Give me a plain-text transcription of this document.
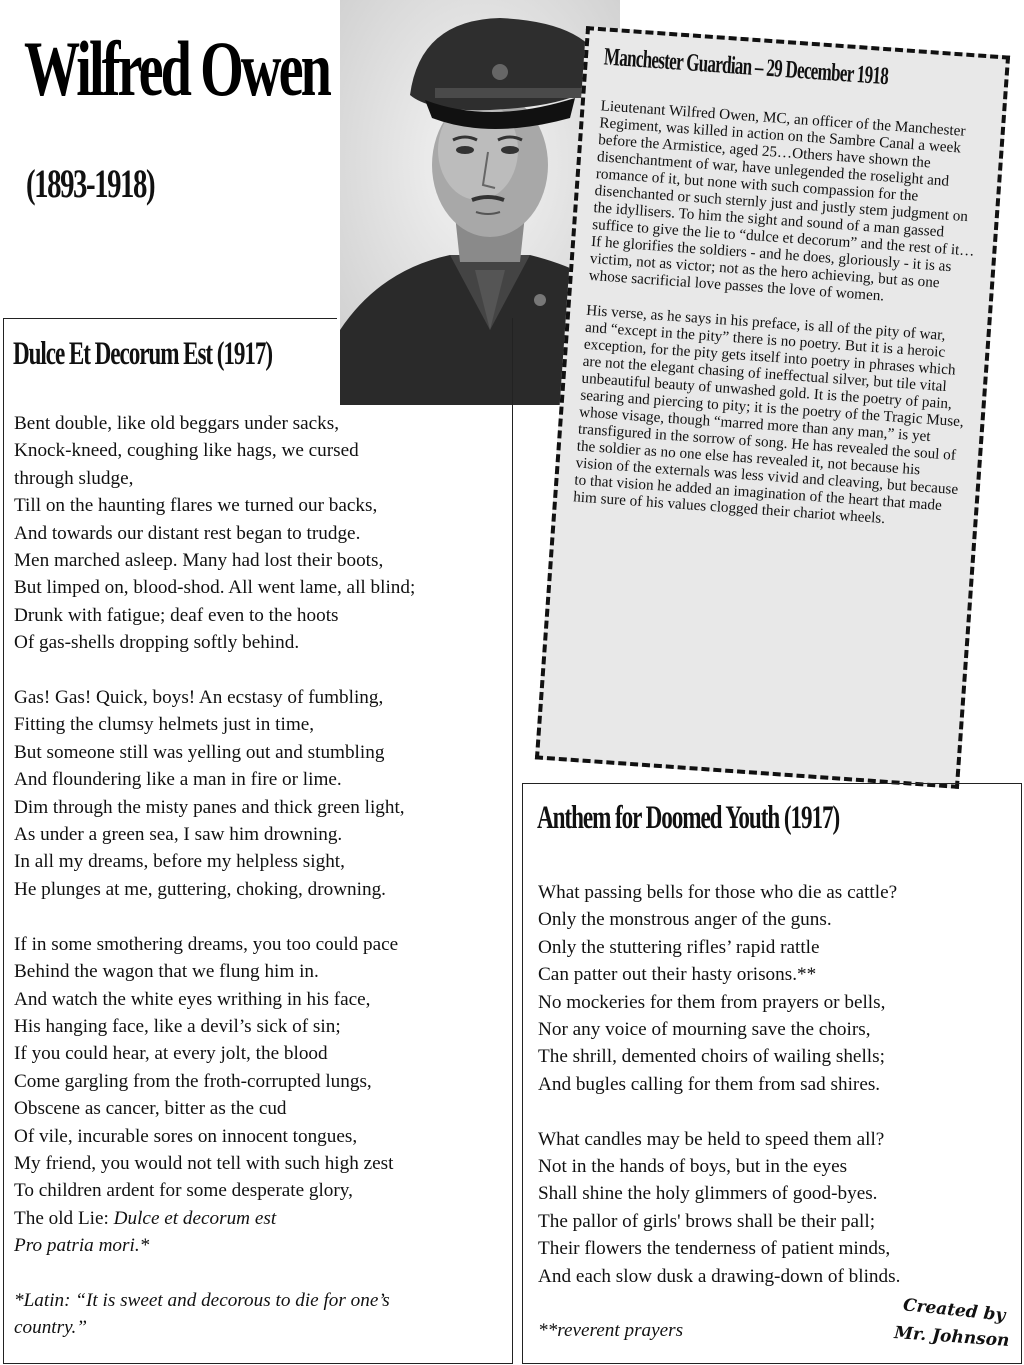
Wilfred Owen
(1893-1918)
Manchester Guardian – 29 December 1918

Lieutenant Wilfred Owen, MC, an officer of the Manchester Regiment, was killed in action on the Sambre Canal a week before the Armistice, aged 25…Others have shown the disenchantment of war, have unlegended the roselight and romance of it, but none with such compassion for the disenchanted or such sternly just and justly stem judgment on the idyllisers. To him the sight and sound of a man gassed suffice to give the lie to “dulce et decorum” and the rest of it… If he glorifies the soldiers - and he does, gloriously - it is as victim, not as victor; not as the hero achieving, but as one whose sacrificial love passes the love of women.

His verse, as he says in his preface, is all of the pity of war, and “except in the pity” there is no poetry. But it is a heroic exception, for the pity gets itself into poetry in phrases which are not the elegant chasing of ineffectual silver, but tile vital unbeautiful beauty of unwashed gold. It is the poetry of pain, searing and piercing to pity; it is the poetry of the Tragic Muse, whose visage, though “marred more than any man,” is yet transfigured in the sorrow of song. He has revealed the soul of the soldier as no one else has revealed it, not because his vision of the externals was less vivid and cleaving, but because to that vision he added an imagination of the heart that made him sure of his values clogged their chariot wheels.

Dulce Et Decorum Est (1917)
Bent double, like old beggars under sacks,
Knock-kneed, coughing like hags, we cursed
through sludge,
Till on the haunting flares we turned our backs,
And towards our distant rest began to trudge.
Men marched asleep. Many had lost their boots,
But limped on, blood-shod. All went lame, all blind;
Drunk with fatigue; deaf even to the hoots
Of gas-shells dropping softly behind.
Gas! Gas! Quick, boys! An ecstasy of fumbling,
Fitting the clumsy helmets just in time,
But someone still was yelling out and stumbling
And floundering like a man in fire or lime.
Dim through the misty panes and thick green light,
As under a green sea, I saw him drowning.
In all my dreams, before my helpless sight,
He plunges at me, guttering, choking, drowning.
If in some smothering dreams, you too could pace
Behind the wagon that we flung him in.
And watch the white eyes writhing in his face,
His hanging face, like a devil’s sick of sin;
If you could hear, at every jolt, the blood
Come gargling from the froth-corrupted lungs,
Obscene as cancer, bitter as the cud
Of vile, incurable sores on innocent tongues,
My friend, you would not tell with such high zest
To children ardent for some desperate glory,
The old Lie: Dulce et decorum est
Pro patria mori.*
*Latin: “It is sweet and decorous to die for one’s
country.”
Anthem for Doomed Youth (1917)
What passing bells for those who die as cattle?
Only the monstrous anger of the guns.
Only the stuttering rifles’ rapid rattle
Can patter out their hasty orisons.**
No mockeries for them from prayers or bells,
Nor any voice of mourning save the choirs,
The shrill, demented choirs of wailing shells;
And bugles calling for them from sad shires.
What candles may be held to speed them all?
Not in the hands of boys, but in the eyes
Shall shine the holy glimmers of good-byes.
The pallor of girls' brows shall be their pall;
Their flowers the tenderness of patient minds,
And each slow dusk a drawing-down of blinds.
**reverent prayers
Created by
Mr. Johnson
